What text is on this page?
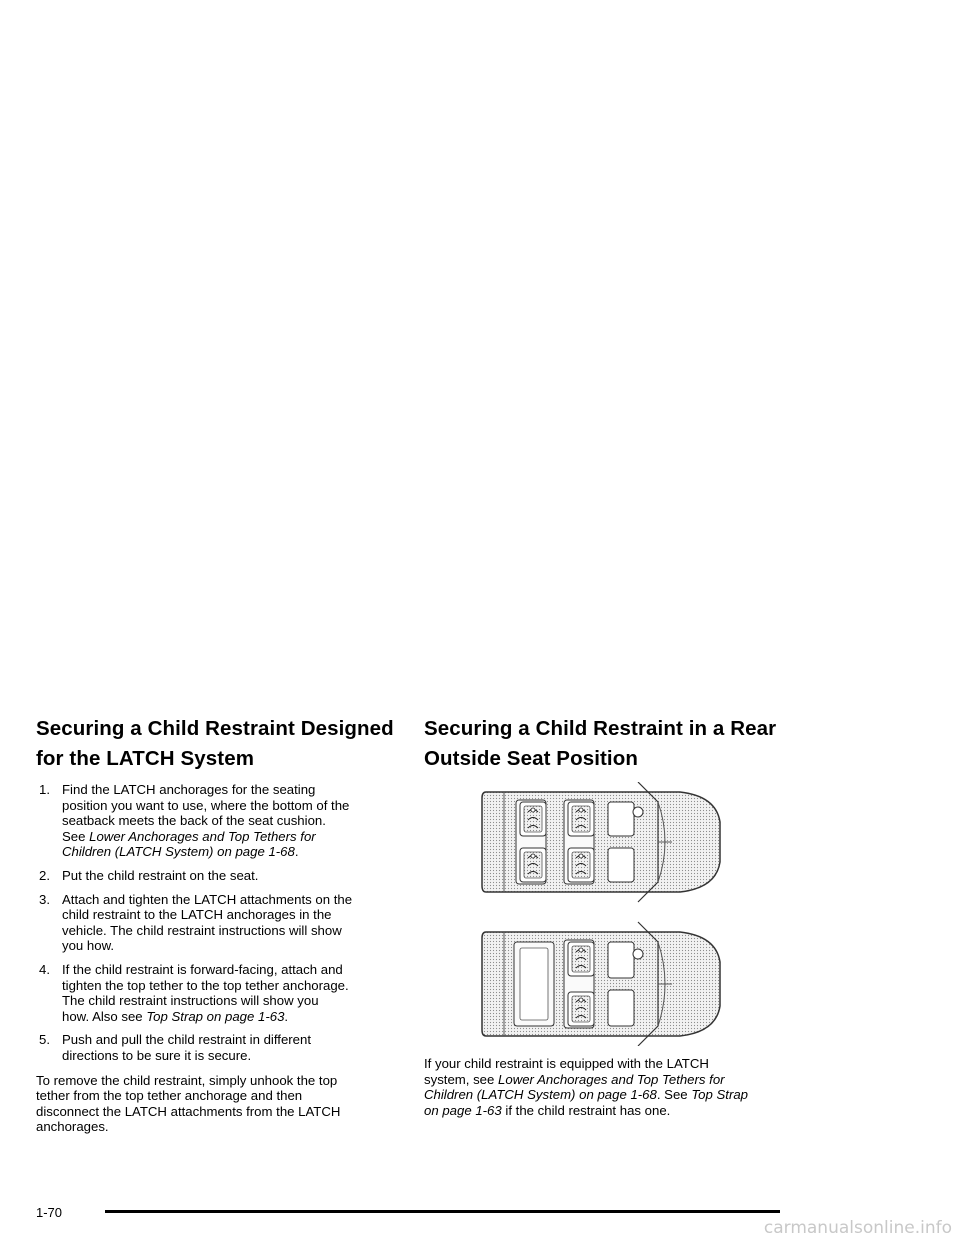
Securing a Child Restraint Designed
for the LATCH System
1. Find the LATCH anchorages for the seating
position you want to use, where the bottom of the
seatback meets the back of the seat cushion.
See Lower Anchorages and Top Tethers for
Children (LATCH System) on page 1-68.
2. Put the child restraint on the seat.
3. Attach and tighten the LATCH attachments on the
child restraint to the LATCH anchorages in the
vehicle. The child restraint instructions will show
you how.
4. If the child restraint is forward-facing, attach and
tighten the top tether to the top tether anchorage.
The child restraint instructions will show you
how. Also see Top Strap on page 1-63.
5. Push and pull the child restraint in different
directions to be sure it is secure.

To remove the child restraint, simply unhook the top
tether from the top tether anchorage and then
disconnect the LATCH attachments from the LATCH
anchorages.

Securing a Child Restraint in a Rear
Outside Seat Position

If your child restraint is equipped with the LATCH
system, see Lower Anchorages and Top Tethers for
Children (LATCH System) on page 1-68. See Top Strap
on page 1-63 if the child restraint has one.

1-70
carmanualsonline.info
